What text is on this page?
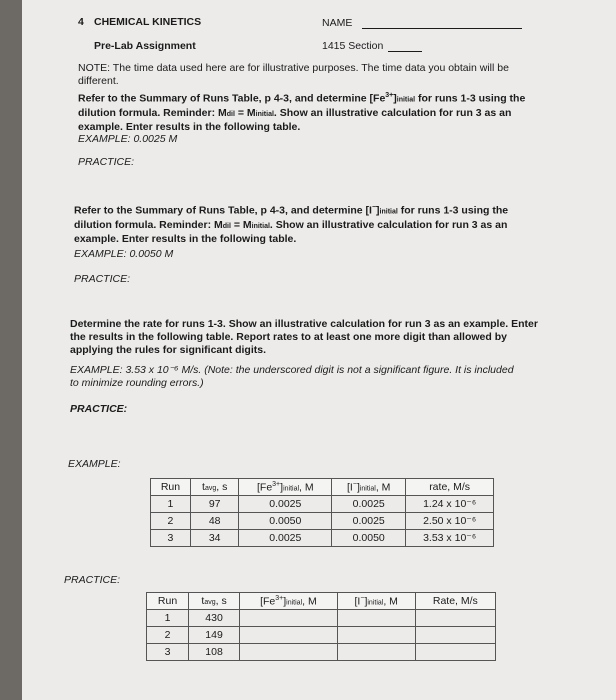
4 CHEMICAL KINETICS	NAME
Pre-Lab Assignment	1415 Section
NOTE: The time data used here are for illustrative purposes. The time data you obtain will be different.
Refer to the Summary of Runs Table, p 4-3, and determine $[Fe^{3+}]initial$ for runs 1-3 using the dilution formula. Reminder: Mdil = Minitial. Show an illustrative calculation for run 3 as an example. Enter results in the following table.
EXAMPLE: 0.0025 M
PRACTICE:
Refer to the Summary of Runs Table, p 4-3, and determine [I−]initial for runs 1-3 using the dilution formula. Reminder: Mdil = Minitial. Show an illustrative calculation for run 3 as an example. Enter results in the following table.
EXAMPLE: 0.0050 M
PRACTICE:
Determine the rate for runs 1-3. Show an illustrative calculation for run 3 as an example. Enter the results in the following table. Report rates to at least one more digit than allowed by applying the rules for significant digits.
EXAMPLE: 3.53 x 10⁻⁶ M/s. (Note: the underscored digit is not a significant figure. It is included to minimize rounding errors.)
PRACTICE:
EXAMPLE:
Run	tavg, s	$[Fe^{3+}]initial$, M	[I−]initial, M	rate, M/s
1	97	0.0025	0.0025	1.24 x 10⁻⁶
2	48	0.0050	0.0025	2.50 x 10⁻⁶
3	34	0.0025	0.0050	3.53 x 10⁻⁶
PRACTICE:
Run	tavg, s	$[Fe^{3+}]initial$, M	[I−]initial, M	Rate, M/s
1	430			
2	149			
3	108			
